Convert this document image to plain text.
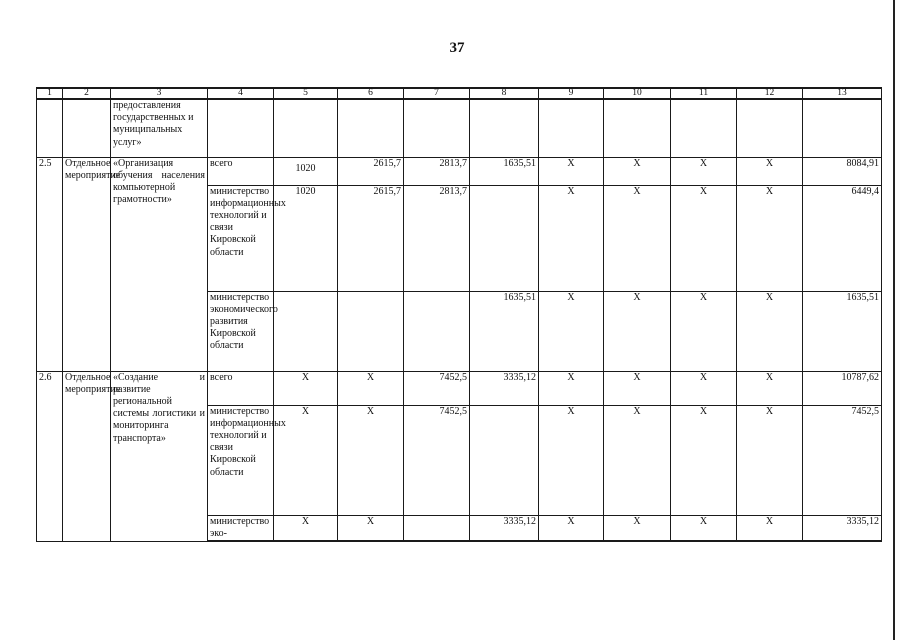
37
1	2	3	4	5	6	7	8	9	10	11	12	13
		предоставления государственных и муниципальных услуг»										
2.5	Отдельное мероприятие	«Организация обучения населения компьютерной грамотности»	всего	1020	2615,7	2813,7	1635,51	X	X	X	X	8084,91
			министерство информационных технологий и связи Кировской области	1020	2615,7	2813,7		X	X	X	X	6449,4
			министерство экономического развития Кировской области				1635,51	X	X	X	X	1635,51
2.6	Отдельное мероприятие	«Создание и развитие региональной системы логистики и мониторинга транспорта»	всего	X	X	7452,5	3335,12	X	X	X	X	10787,62
			министерство информационных технологий и связи Кировской области	X	X	7452,5		X	X	X	X	7452,5
			министерство эко-	X	X		3335,12	X	X	X	X	3335,12
